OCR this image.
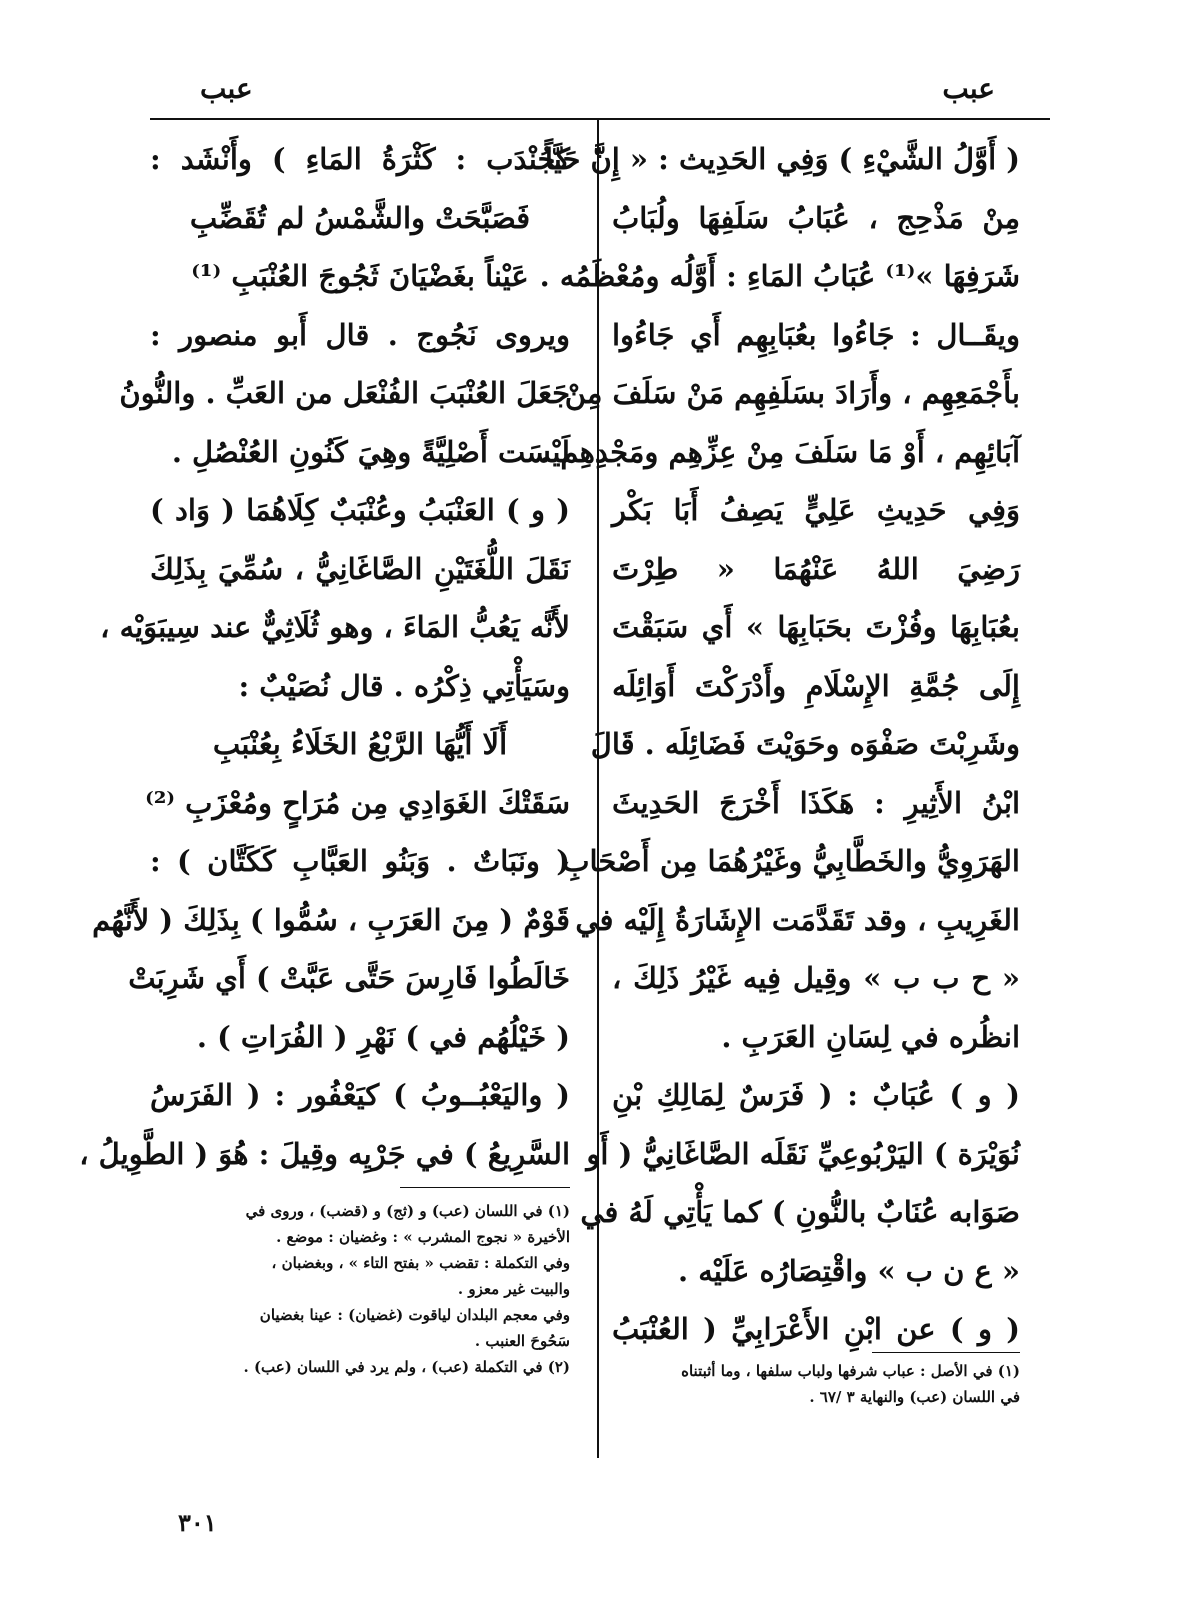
عبب
عبب
( أَوَّلُ الشَّيْءِ ) وَفِي الحَدِيث : « إِنَّ حَيَّاً
مِنْ مَذْحِج ، عُبَابُ سَلَفِهَا ولُبَابُ
شَرَفِهَا »⁽¹⁾ عُبَابُ المَاءِ : أَوَّلُه ومُعْظَمُه .
ويقَــال : جَاءُوا بعُبَابِهِم أَي جَاءُوا
بأَجْمَعِهِم ، وأَرَادَ بسَلَفِهِم مَنْ سَلَفَ مِنْ
آبَائِهِم ، أَوْ مَا سَلَفَ مِنْ عِزِّهِم ومَجْدِهِم .
وَفِي حَدِيثِ عَلِيٍّ يَصِفُ أَبَا بَكْر
رَضِيَ اللهُ عَنْهُمَا « طِرْتَ
بعُبَابِهَا وفُزْتَ بحَبَابِهَا » أَي سَبَقْتَ
إِلَى جُمَّةِ الإِسْلَامِ وأَدْرَكْتَ أَوَائِلَه
وشَرِبْتَ صَفْوَه وحَوَيْتَ فَضَائِلَه . قَالَ
ابْنُ الأَثِيرِ : هَكَذَا أَخْرَجَ الحَدِيثَ
الهَرَوِيُّ والخَطَّابِيُّ وغَيْرُهُمَا مِن أَصْحَابِ
الغَرِيبِ ، وقد تَقَدَّمَت الإِشَارَةُ إِلَيْه في
« ح ب ب » وقِيل فِيه غَيْرُ ذَلِكَ ،
انظُره في لِسَانِ العَرَبِ .
( و ) عُبَابٌ : ( فَرَسٌ لِمَالِكِ بْنِ
نُوَيْرَة ) اليَرْبُوعِيِّ نَقَلَه الصَّاغَانِيُّ ( أَو
صَوَابه عُنَابٌ بالنُّونِ ) كما يَأْتِي لَهُ في
« ع ن ب » واقْتِصَارُه عَلَيْه .
( و ) عن ابْنِ الأَعْرَابِيِّ ( العُنْبَبُ
كجُنْدَب : كَثْرَةُ المَاءِ ) وأَنْشَد :
فَصَبَّحَتْ والشَّمْسُ لم تُقَضِّبِ
عَيْناً بغَضْيَانَ ثَجُوجَ العُنْبَبِ ⁽¹⁾
ويروى نَجُوج . قال أَبو منصور :
جَعَلَ العُنْبَبَ الفُنْعَل من العَبِّ . والنُّونُ
لَيْسَت أَصْلِيَّةً وهِيَ كَنُونِ العُنْصُلِ .
( و ) العَنْبَبُ وعُنْبَبٌ كِلَاهُمَا ( وَاد )
نَقَلَ اللُّغَتَيْنِ الصَّاغَانِيُّ ، سُمِّيَ بِذَلِكَ
لأَنَّه يَعُبُّ المَاءَ ، وهو ثُلَاثِيٌّ عند سِيبَوَيْه ،
وسَيَأْتِي ذِكْرُه . قال نُصَيْبٌ :
أَلَا أَيُّهَا الرَّبْعُ الخَلَاءُ بِعُنْبَبِ
سَقَتْكَ الغَوَادِي مِن مُرَاحٍ ومُعْزَبِ ⁽²⁾
( ونَبَاتٌ . وَبَنُو العَبَّابِ كَكَتَّان ) :
قَوْمٌ ( مِنَ العَرَبِ ، سُمُّوا ) بِذَلِكَ ( لأَنَّهُم
خَالَطُوا فَارِسَ حَتَّى عَبَّتْ ) أَي شَرِبَتْ
( خَيْلُهُم في ) نَهْرِ ( الفُرَاتِ ) .
( واليَعْبُــوبُ ) كيَعْفُور : ( الفَرَسُ
السَّرِيعُ ) في جَرْيِه وقِيلَ : هُوَ ( الطَّوِيلُ ،
(١) في الأصل : عباب شرفها ولباب سلفها ، وما أثبتناه
في اللسان (عب) والنهاية ٣ /٦٧ .
(١) في اللسان (عب) و (ثج) و (قضب) ، وروى في
الأخيرة « نجوج المشرب » : وغضيان : موضع .
وفي التكملة : تقضب « بفتح التاء » ، وبغضبان ،
والبيت غير معزو .
وفي معجم البلدان لياقوت (غضيان) : عينا بغضيان
سَحُوحَ العنبب .
(٢) في التكملة (عب) ، ولم يرد في اللسان (عب) .
٣٠١
